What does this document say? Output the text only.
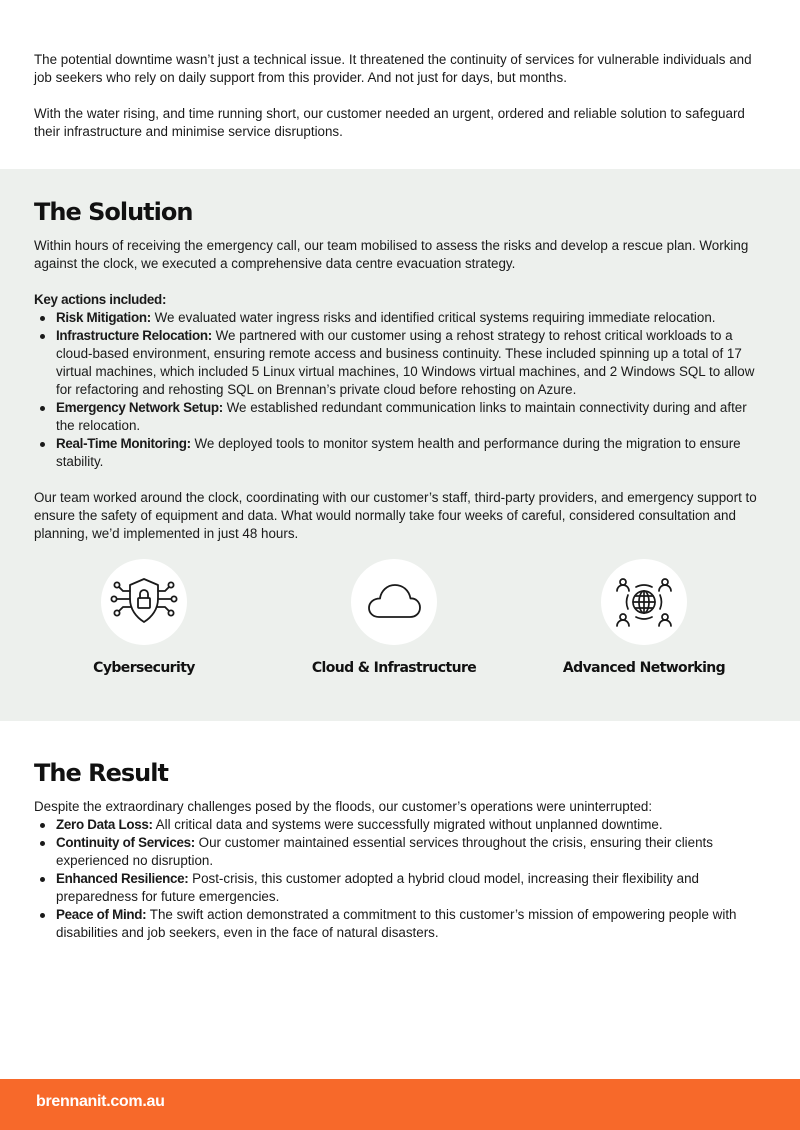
The potential downtime wasn’t just a technical issue. It threatened the continuity of services for vulnerable individuals and job seekers who rely on daily support from this provider. And not just for days, but months.

With the water rising, and time running short, our customer needed an urgent, ordered and reliable solution to safeguard their infrastructure and minimise service disruptions.

The Solution

Within hours of receiving the emergency call, our team mobilised to assess the risks and develop a rescue plan. Working against the clock, we executed a comprehensive data centre evacuation strategy.

Key actions included:
Risk Mitigation: We evaluated water ingress risks and identified critical systems requiring immediate relocation.
Infrastructure Relocation: We partnered with our customer using a rehost strategy to rehost critical workloads to a cloud-based environment, ensuring remote access and business continuity. These included spinning up a total of 17 virtual machines, which included 5 Linux virtual machines, 10 Windows virtual machines, and 2 Windows SQL to allow for refactoring and rehosting SQL on Brennan’s private cloud before rehosting on Azure.
Emergency Network Setup: We established redundant communication links to maintain connectivity during and after the relocation.
Real-Time Monitoring: We deployed tools to monitor system health and performance during the migration to ensure stability.

Our team worked around the clock, coordinating with our customer’s staff, third-party providers, and emergency support to ensure the safety of equipment and data. What would normally take four weeks of careful, considered consultation and planning, we’d implemented in just 48 hours.

Cybersecurity	Cloud & Infrastructure	Advanced Networking
The Result

Despite the extraordinary challenges posed by the floods, our customer’s operations were uninterrupted:

Zero Data Loss: All critical data and systems were successfully migrated without unplanned downtime.
Continuity of Services: Our customer maintained essential services throughout the crisis, ensuring their clients experienced no disruption.
Enhanced Resilience: Post-crisis, this customer adopted a hybrid cloud model, increasing their flexibility and preparedness for future emergencies.
Peace of Mind: The swift action demonstrated a commitment to this customer’s mission of empowering people with disabilities and job seekers, even in the face of natural disasters.
brennanit.com.au
